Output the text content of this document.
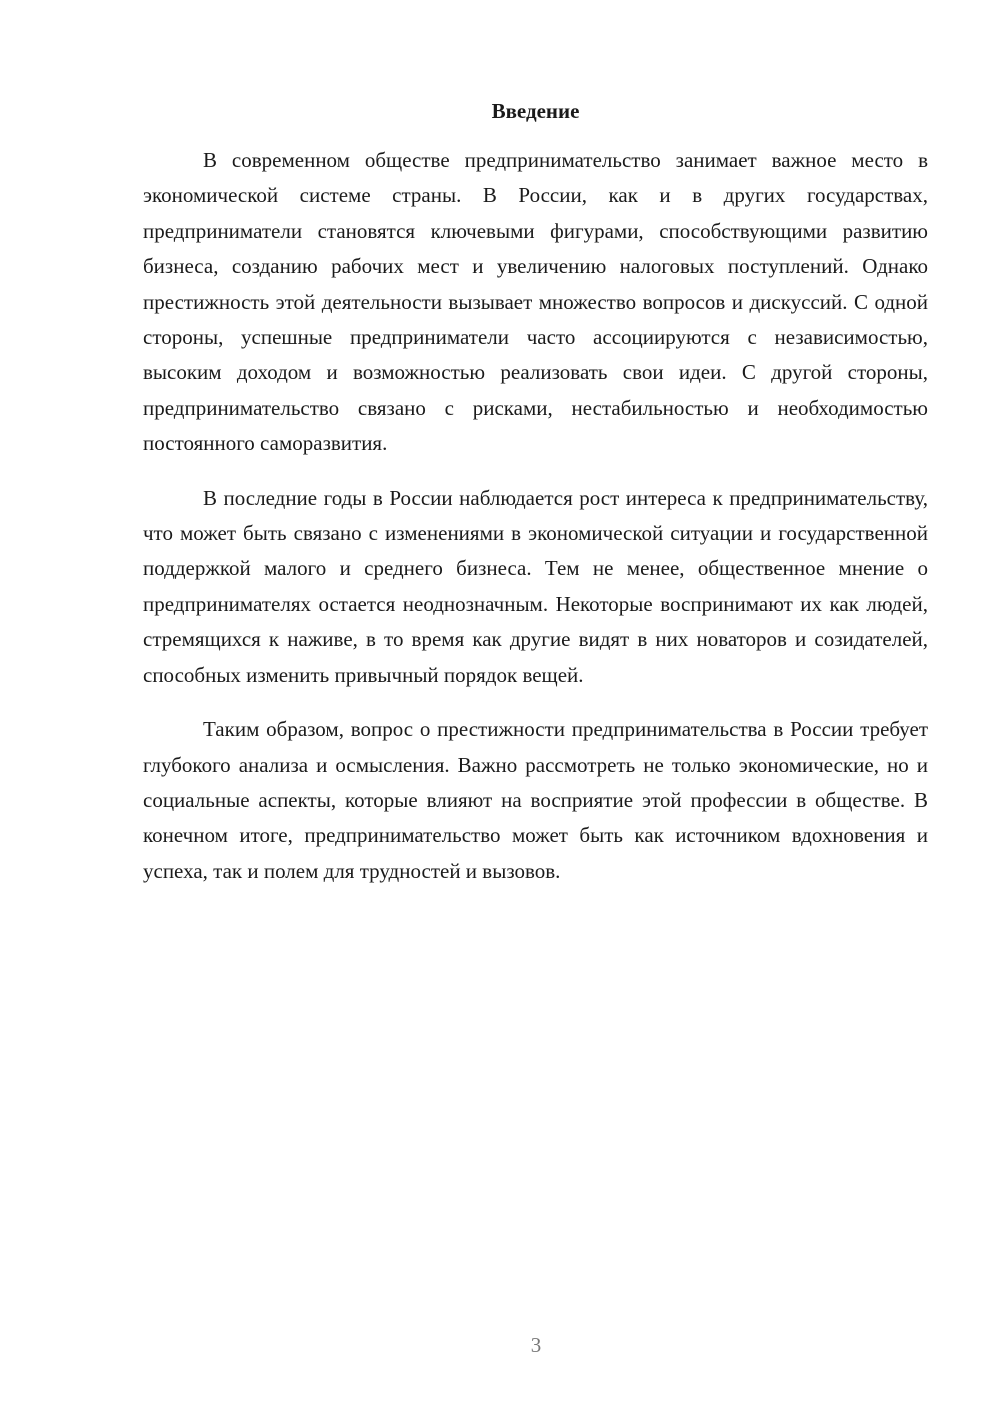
Введение

В современном обществе предпринимательство занимает важное место в экономической системе страны. В России, как и в других государствах, предприниматели становятся ключевыми фигурами, способствующими развитию бизнеса, созданию рабочих мест и увеличению налоговых поступлений. Однако престижность этой деятельности вызывает множество вопросов и дискуссий. С одной стороны, успешные предприниматели часто ассоциируются с независимостью, высоким доходом и возможностью реализовать свои идеи. С другой стороны, предпринимательство связано с рисками, нестабильностью и необходимостью постоянного саморазвития.

В последние годы в России наблюдается рост интереса к предпринимательству, что может быть связано с изменениями в экономической ситуации и государственной поддержкой малого и среднего бизнеса. Тем не менее, общественное мнение о предпринимателях остается неоднозначным. Некоторые воспринимают их как людей, стремящихся к наживе, в то время как другие видят в них новаторов и созидателей, способных изменить привычный порядок вещей.

Таким образом, вопрос о престижности предпринимательства в России требует глубокого анализа и осмысления. Важно рассмотреть не только экономические, но и социальные аспекты, которые влияют на восприятие этой профессии в обществе. В конечном итоге, предпринимательство может быть как источником вдохновения и успеха, так и полем для трудностей и вызовов.

3
